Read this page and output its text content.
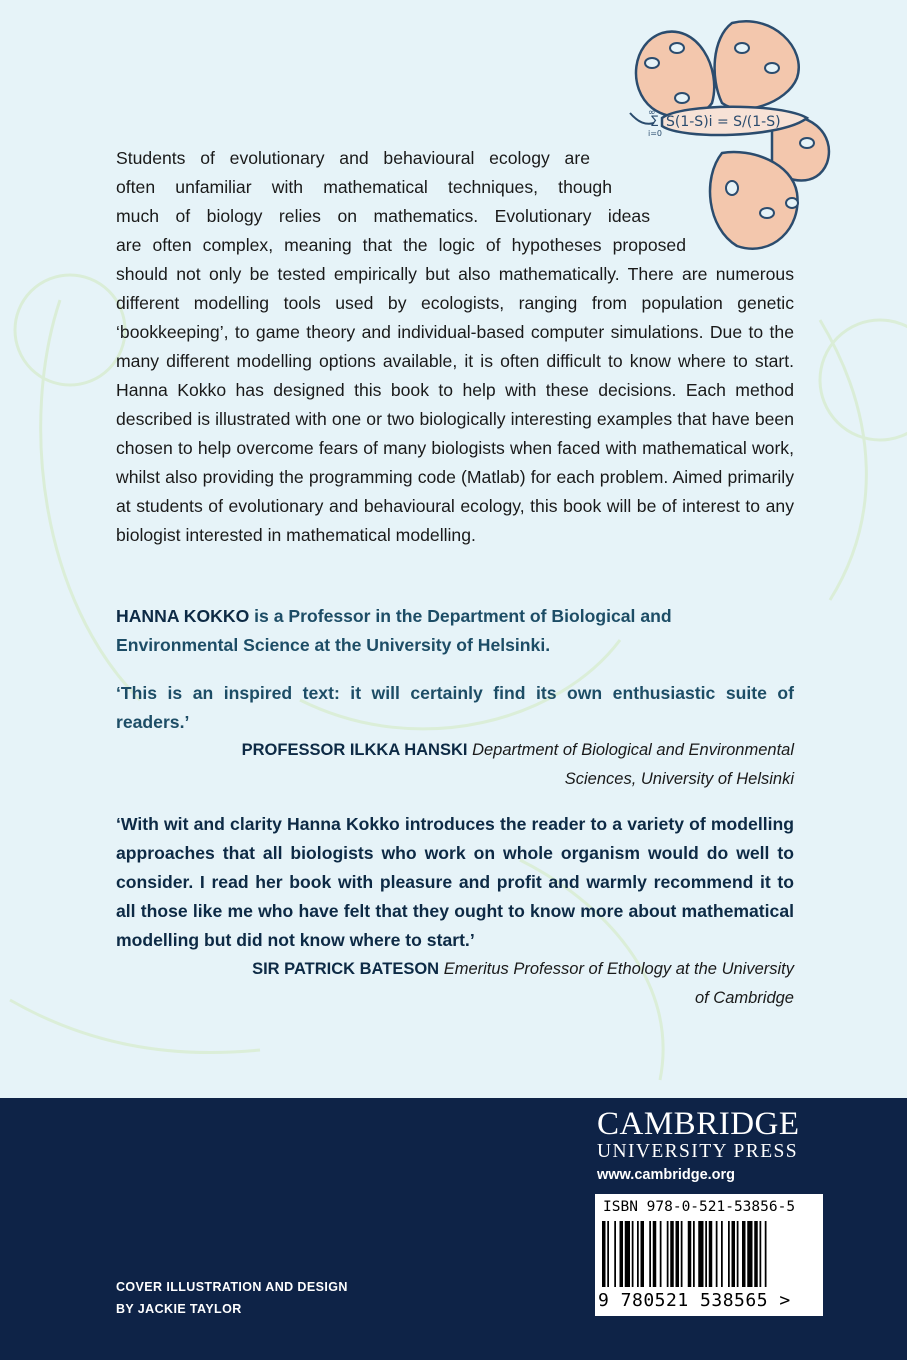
∞
i=0
Σ S(1-S)i = S/(1-S)

Students of evolutionary and behavioural ecology are

often unfamiliar with mathematical techniques, though

much of biology relies on mathematics. Evolutionary ideas

are often complex, meaning that the logic of hypotheses proposed

should not only be tested empirically but also mathematically. There are numerous different modelling tools used by ecologists, ranging from population genetic ‘bookkeeping’, to game theory and individual-based computer simulations. Due to the many different modelling options available, it is often difficult to know where to start. Hanna Kokko has designed this book to help with these decisions. Each method described is illustrated with one or two biologically interesting examples that have been chosen to help overcome fears of many biologists when faced with mathematical work, whilst also providing the programming code (Matlab) for each problem. Aimed primarily at students of evolutionary and behavioural ecology, this book will be of interest to any biologist interested in mathematical modelling.

HANNA KOKKO is a Professor in the Department of Biological and Environmental Science at the University of Helsinki.

‘This is an inspired text: it will certainly find its own enthusiastic suite of readers.’

PROFESSOR ILKKA HANSKI Department of Biological and Environmental Sciences, University of Helsinki

‘With wit and clarity Hanna Kokko introduces the reader to a variety of modelling approaches that all biologists who work on whole organism would do well to consider. I read her book with pleasure and profit and warmly recommend it to all those like me who have felt that they ought to know more about mathematical modelling but did not know where to start.’

SIR PATRICK BATESON Emeritus Professor of Ethology at the University of Cambridge

COVER ILLUSTRATION AND DESIGN
BY JACKIE TAYLOR
CAMBRIDGE
UNIVERSITY PRESS
www.cambridge.org
ISBN 978-0-521-53856-5
9 780521 538565 >
